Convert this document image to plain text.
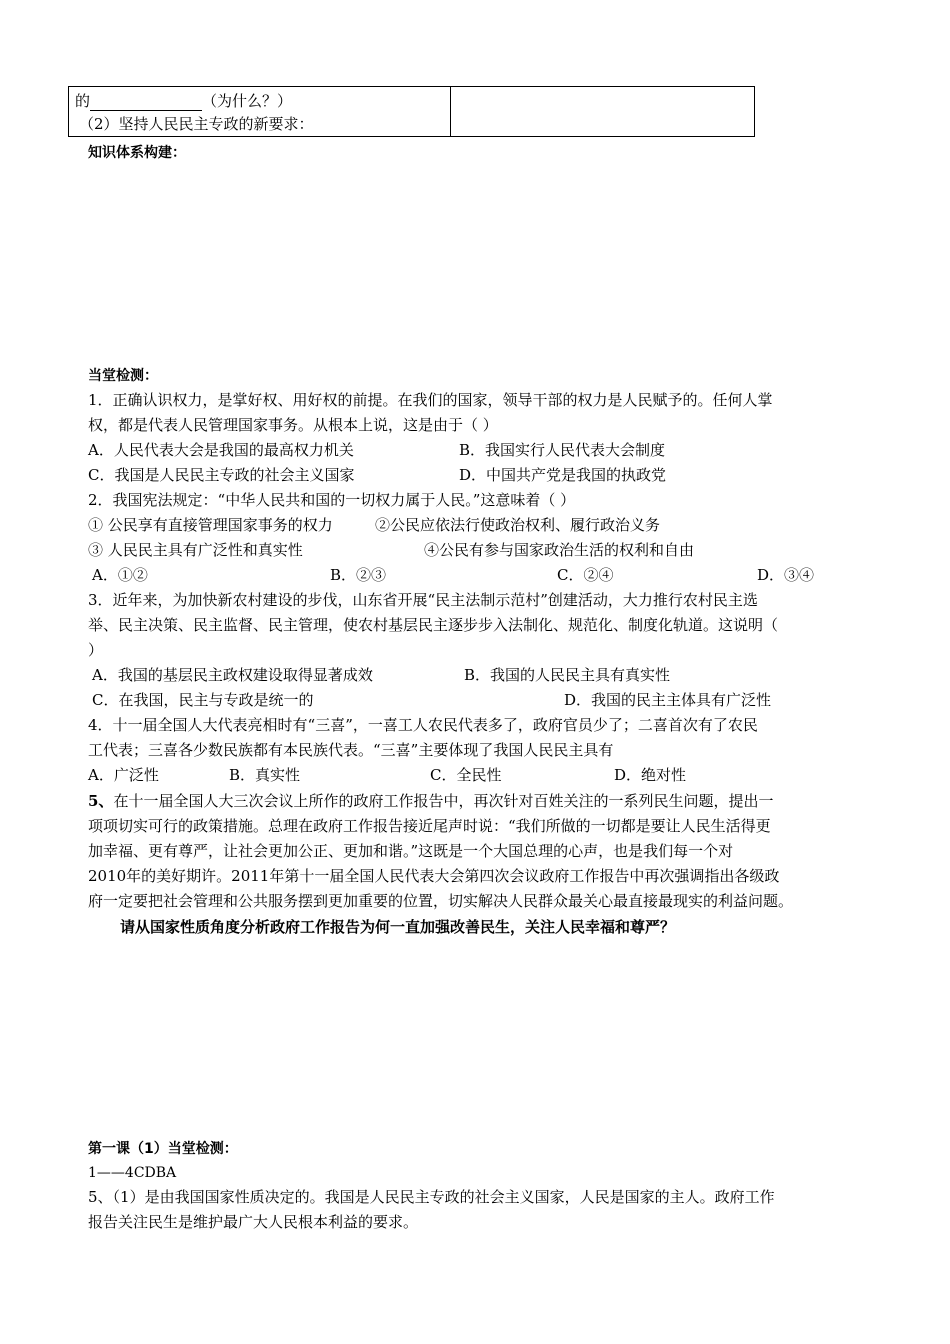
的	（为什么？）
（2）坚持人民民主专政的新要求：
知识体系构建：
当堂检测：
1．正确认识权力，是掌好权、用好权的前提。在我们的国家，领导干部的权力是人民赋予的。任何人掌
权，都是代表人民管理国家事务。从根本上说，这是由于（ ）
A．人民代表大会是我国的最高权力机关	B．我国实行人民代表大会制度
C．我国是人民民主专政的社会主义国家	D．中国共产党是我国的执政党
2．我国宪法规定：“中华人民共和国的一切权力属于人民。”这意味着（ ）
① 公民享有直接管理国家事务的权力	②公民应依法行使政治权利、履行政治义务
③ 人民民主具有广泛性和真实性	④公民有参与国家政治生活的权利和自由
A．①②	B．②③	C．②④	D．③④
3．近年来，为加快新农村建设的步伐，山东省开展“民主法制示范村”创建活动，大力推行农村民主选
举、民主决策、民主监督、民主管理，使农村基层民主逐步步入法制化、规范化、制度化轨道。这说明（
）
A．我国的基层民主政权建设取得显著成效	B．我国的人民民主具有真实性
C．在我国，民主与专政是统一的	D．我国的民主主体具有广泛性
4．十一届全国人大代表亮相时有“三喜”，一喜工人农民代表多了，政府官员少了；二喜首次有了农民
工代表；三喜各少数民族都有本民族代表。“三喜”主要体现了我国人民民主具有
A．广泛性	B．真实性	C．全民性	D．绝对性
5、在十一届全国人大三次会议上所作的政府工作报告中，再次针对百姓关注的一系列民生问题，提出一
项项切实可行的政策措施。总理在政府工作报告接近尾声时说：“我们所做的一切都是要让人民生活得更
加幸福、更有尊严，让社会更加公正、更加和谐。”这既是一个大国总理的心声，也是我们每一个对
2010年的美好期许。2011年第十一届全国人民代表大会第四次会议政府工作报告中再次强调指出各级政
府一定要把社会管理和公共服务摆到更加重要的位置，切实解决人民群众最关心最直接最现实的利益问题。
请从国家性质角度分析政府工作报告为何一直加强改善民生，关注人民幸福和尊严？
第一课（1）当堂检测：
1——4CDBA
5、（1）是由我国国家性质决定的。我国是人民民主专政的社会主义国家，人民是国家的主人。政府工作
报告关注民生是维护最广大人民根本利益的要求。
